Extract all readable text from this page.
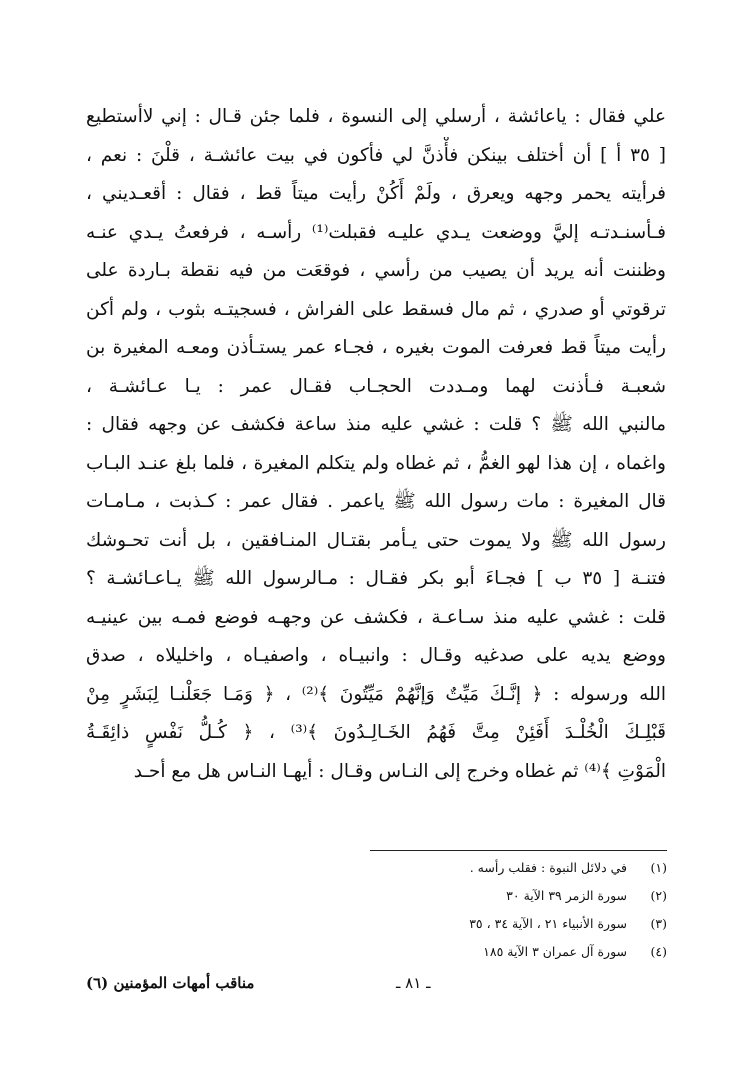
علي فقال : ياعائشة ، أرسلي إلى النسوة ، فلما جئن قـال : إني لاأستطيع
[ ٣٥ أ ] أن أختلف بينكن فأْذنَّ لي فأكون في بيت عائشـة ، قلْنَ : نعم ،
فرأيته يحمر وجهه ويعرق ، ولَمْ أَكُنْ رأيت ميتاً قط ، فقال : أقعـديني ،
فـأسنـدتـه إليَّ ووضعت يـدي عليـه فقبلت⁽¹⁾ رأسـه ، فرفعتُ يـدي عنـه
وظننت أنه يريد أن يصيب من رأسي ، فوقعَت من فيه نقطة بـاردة على
ترقوتي أو صدري ، ثم مال فسقط على الفراش ، فسجيتـه بثوب ، ولم أكن
رأيت ميتاً قط فعرفت الموت بغيره ، فجـاء عمر يستـأذن ومعـه المغيرة بن
شعبـة فـأذنت لهما ومـددت الحجـاب فقـال عمر : يـا عـائشـة ،
مالنبي الله ﷺ ؟ قلت : غشي عليه منذ ساعة فكشف عن وجهه فقال :
واغماه ، إن هذا لهو الغمُّ ، ثم غطاه ولم يتكلم المغيرة ، فلما بلغ عنـد البـاب
قال المغيرة : مات رسول الله ﷺ ياعمر . فقال عمر : كـذبت ، مـامـات
رسول الله ﷺ ولا يموت حتى يـأمر بقتـال المنـافقين ، بل أنت تحـوشك
فتنـة [ ٣٥ ب ] فجـاءَ أبو بكر فقـال : مـالرسول الله ﷺ يـاعـائشـة ؟
قلت : غشي عليه منذ سـاعـة ، فكشف عن وجهـه فوضع فمـه بين عينيـه
ووضع يديه على صدغيه وقـال : وانبيـاه ، واصفيـاه ، واخليلاه ، صدق
الله ورسوله : ﴿ إنَّـكَ مَيِّتٌ وَإنَّهُمْ مَيِّتُونَ ﴾⁽²⁾ ، ﴿ وَمَـا جَعَلْنـا لِبَشَرٍ مِنْ
قَبْلِـكَ الْخُلْـدَ أَفَئِنْ مِتَّ فَهُمُ الخَـالِـدُونَ ﴾⁽³⁾ ، ﴿ كُـلُّ نَفْسٍ ذائِقَـةُ
الْمَوْتِ ﴾⁽⁴⁾ ثم غطاه وخرج إلى النـاس وقـال : أيهـا النـاس هل مع أحـد
(١) في دلائل النبوة : فقلب رأسه .
(٢) سورة الزمر ٣٩ الآية ٣٠
(٣) سورة الأنبياء ٢١ ، الآية ٣٤ ، ٣٥
(٤) سورة آل عمران ٣ الآية ١٨٥
ـ ٨١ ـ
مناقب أمهات المؤمنين (٦)
